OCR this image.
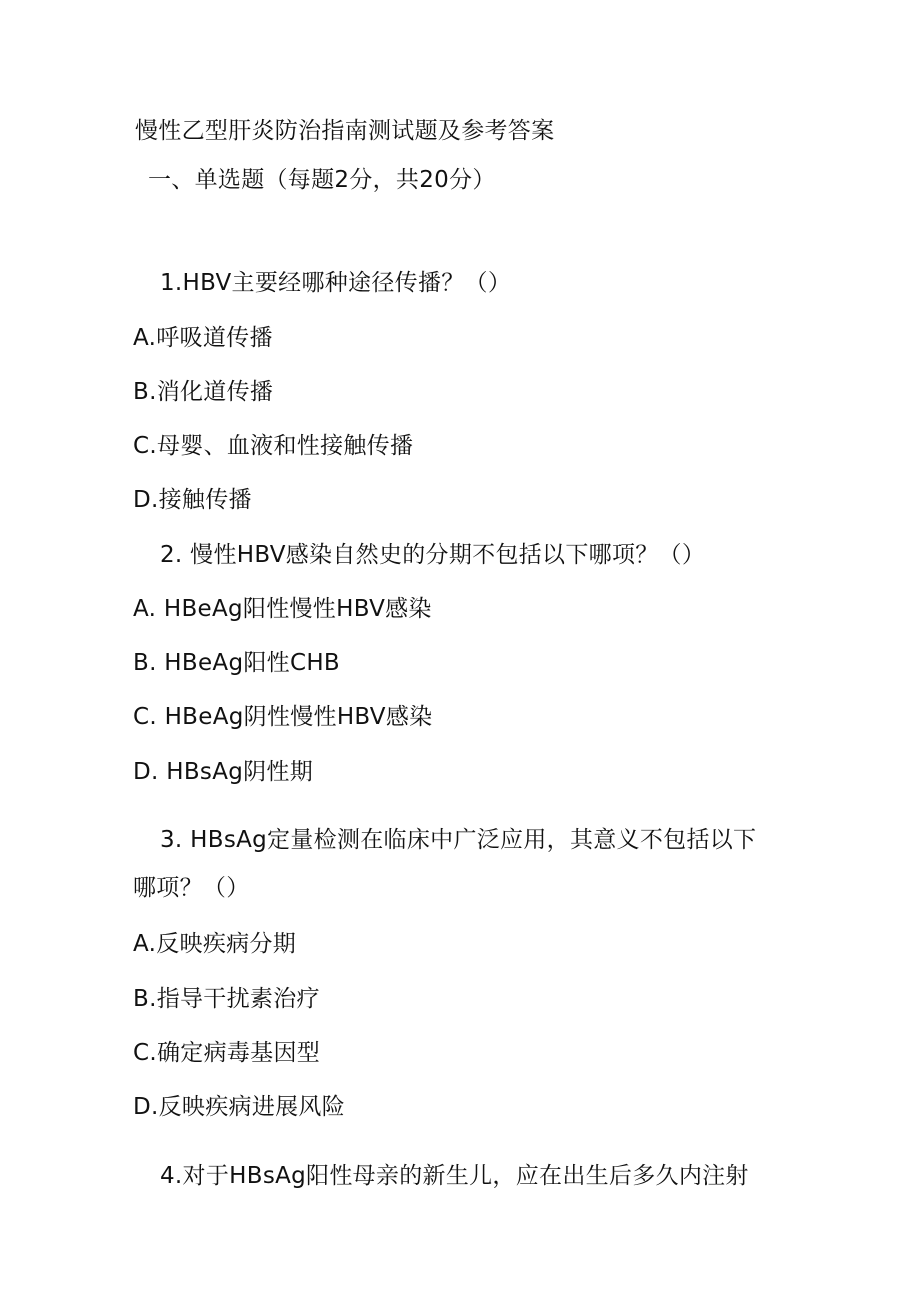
慢性乙型肝炎防治指南测试题及参考答案
一、单选题（每题2分，共20分）
1.HBV主要经哪种途径传播？（）
A.呼吸道传播
B.消化道传播
C.母婴、血液和性接触传播
D.接触传播
2. 慢性HBV感染自然史的分期不包括以下哪项？（）
A. HBeAg阳性慢性HBV感染
B. HBeAg阳性CHB
C. HBeAg阴性慢性HBV感染
D. HBsAg阴性期
3. HBsAg定量检测在临床中广泛应用，其意义不包括以下
哪项？（）
A.反映疾病分期
B.指导干扰素治疗
C.确定病毒基因型
D.反映疾病进展风险
4.对于HBsAg阳性母亲的新生儿，应在出生后多久内注射
